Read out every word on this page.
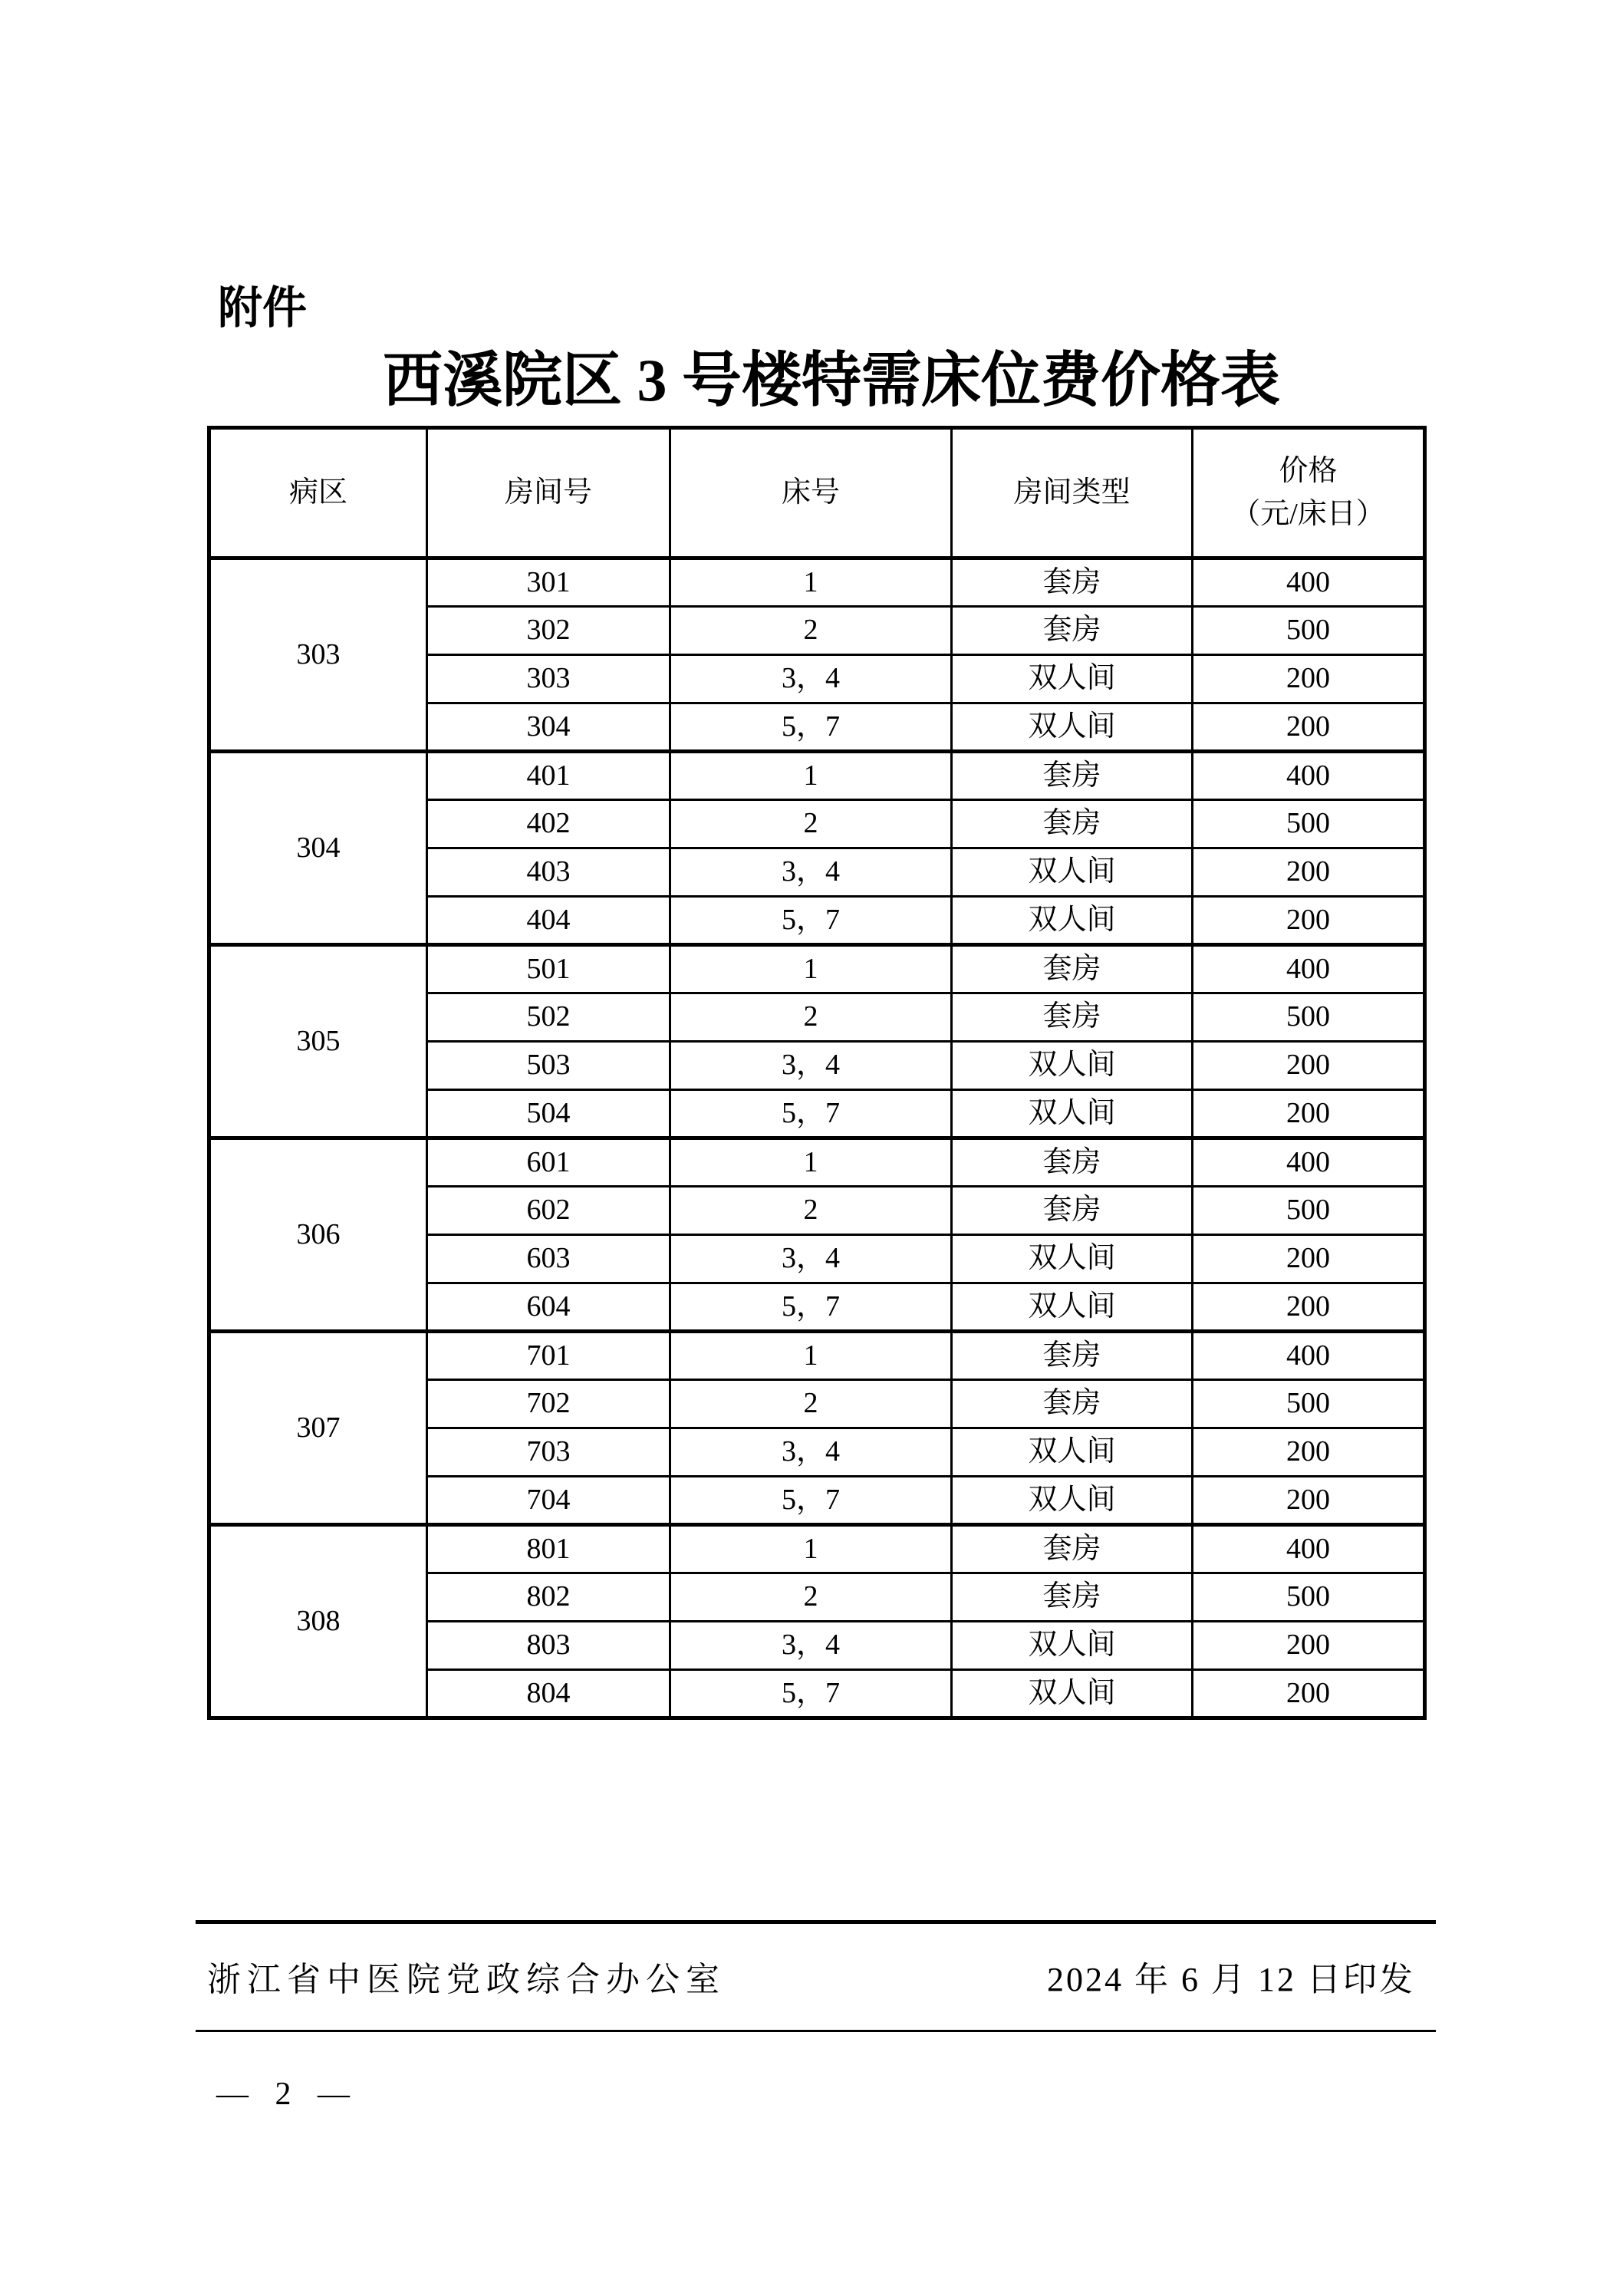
附件
西溪院区 3 号楼特需床位费价格表
病区	房间号	床号	房间类型	价格
（元/床日）

303	301	1	套房	400
	302	2	套房	500
	303	3，4	双人间	200
	304	5，7	双人间	200
304	401	1	套房	400
	402	2	套房	500
	403	3，4	双人间	200
	404	5，7	双人间	200
305	501	1	套房	400
	502	2	套房	500
	503	3，4	双人间	200
	504	5，7	双人间	200
306	601	1	套房	400
	602	2	套房	500
	603	3，4	双人间	200
	604	5，7	双人间	200
307	701	1	套房	400
	702	2	套房	500
	703	3，4	双人间	200
	704	5，7	双人间	200
308	801	1	套房	400
	802	2	套房	500
	803	3，4	双人间	200
	804	5，7	双人间	200
浙江省中医院党政综合办公室	2024 年 6 月 12 日印发
— 2 —
